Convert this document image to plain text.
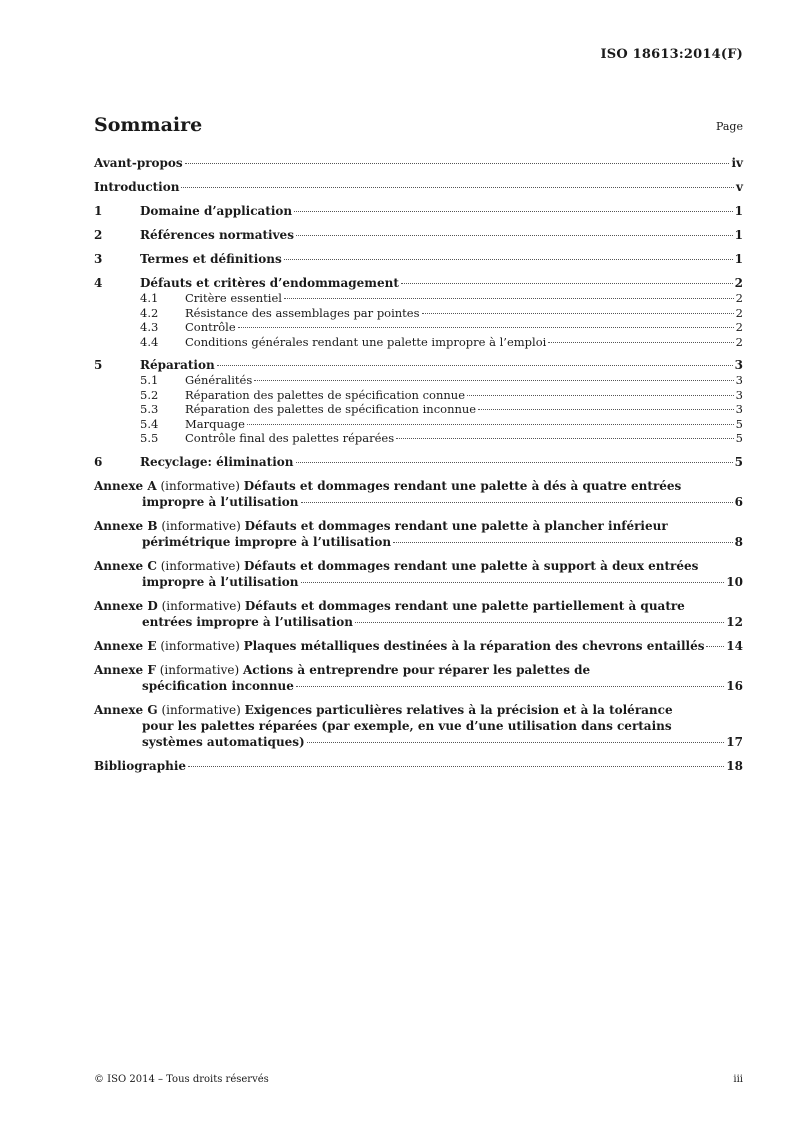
ISO 18613:2014(F)
Sommaire	Page
Avant-propos	iv
Introduction	v
1	Domaine d’application	1
2	Références normatives	1
3	Termes et définitions	1
4	Défauts et critères d’endommagement	2
4.1	Critère essentiel	2
4.2	Résistance des assemblages par pointes	2
4.3	Contrôle	2
4.4	Conditions générales rendant une palette impropre à l’emploi	2
5	Réparation	3
5.1	Généralités	3
5.2	Réparation des palettes de spécification connue	3
5.3	Réparation des palettes de spécification inconnue	3
5.4	Marquage	5
5.5	Contrôle final des palettes réparées	5
6	Recyclage: élimination	5
Annexe A
(informative)
Défauts et dommages rendant une palette à dés à quatre entrées
impropre à l’utilisation	6
Annexe B
(informative)
Défauts et dommages rendant une palette à plancher inférieur
périmétrique impropre à l’utilisation	8
Annexe C
(informative)
Défauts et dommages rendant une palette à support à deux entrées
impropre à l’utilisation	10
Annexe D
(informative)
Défauts et dommages rendant une palette partiellement à quatre
entrées impropre à l’utilisation	12
Annexe E
(informative)
Plaques métalliques destinées à la réparation des chevrons entaillés 14
Annexe F
(informative)
Actions à entreprendre pour réparer les palettes de
spécification inconnue	16
Annexe G
(informative)
Exigences particulières relatives à la précision et à la tolérance
pour les palettes réparées (par exemple, en vue d’une utilisation dans certains
systèmes automatiques)	17
Bibliographie	18
© ISO 2014 – Tous droits réservés	iii
